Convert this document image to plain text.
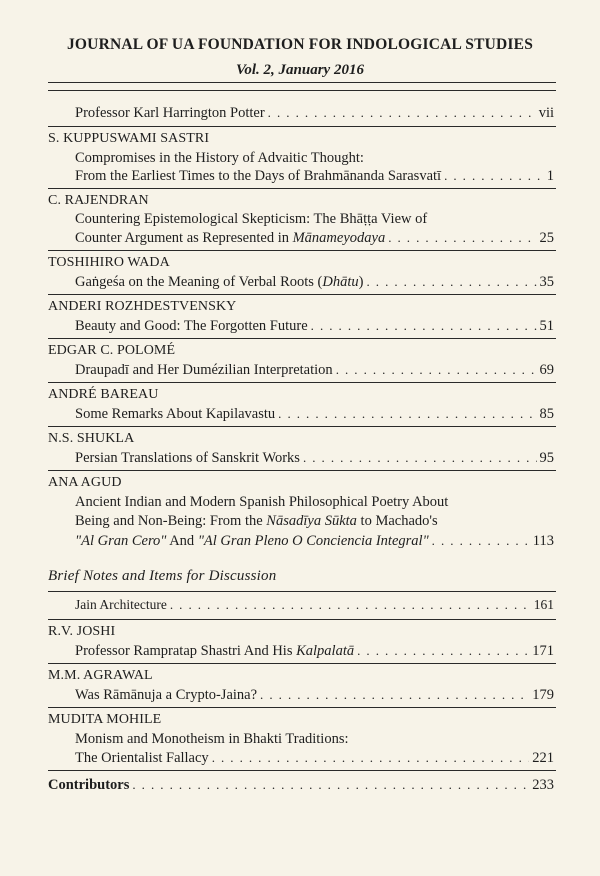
JOURNAL OF UA FOUNDATION FOR INDOLOGICAL STUDIES
Vol. 2, January 2016
Professor Karl Harrington Potter . . .	vii
S. KUPPUSWAMI SASTRI
Compromises in the History of Advaitic Thought:
From the Earliest Times to the Days of Brahmānanda Sarasvatī . . .	1
C. RAJENDRAN
Countering Epistemological Skepticism: The Bhāṭṭa View of
Counter Argument as Represented in Mānameyodaya . . .	25
TOSHIHIRO WADA
Gaṅgeśa on the Meaning of Verbal Roots (Dhātu) . . .	35
ANDERI ROZHDESTVENSKY
Beauty and Good: The Forgotten Future . . .	51
EDGAR C. POLOMÉ
Draupadī and Her Dumézilian Interpretation . . .	69
ANDRÉ BAREAU
Some Remarks About Kapilavastu . . .	85
N.S. SHUKLA
Persian Translations of Sanskrit Works . . .	95
ANA AGUD
Ancient Indian and Modern Spanish Philosophical Poetry About
Being and Non-Being: From the Nāsadīya Sūkta to Machado's
"Al Gran Cero" And "Al Gran Pleno O Conciencia Integral" . . .	113
Brief Notes and Items for Discussion
Jain Architecture . . .	161
R.V. JOSHI
Professor Rampratap Shastri And His Kalpalatā . . .	171
M.M. AGRAWAL
Was Rāmānuja a Crypto-Jaina? . . .	179
MUDITA MOHILE
Monism and Monotheism in Bhakti Traditions:
The Orientalist Fallacy . . .	221
Contributors . . .	233
